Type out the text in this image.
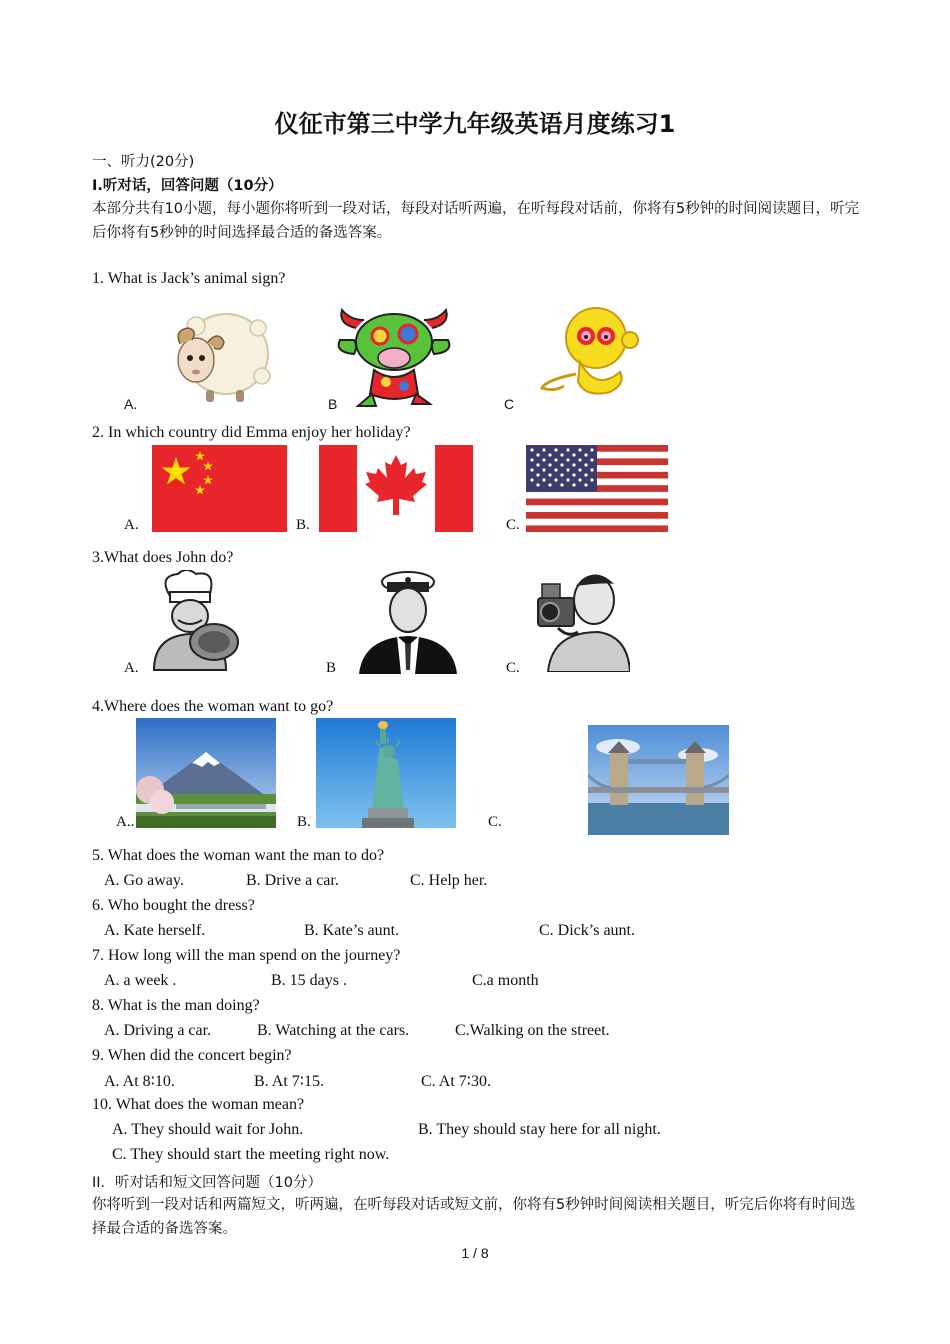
仪征市第三中学九年级英语月度练习1
一、听力(20分)
Ⅰ.听对话，回答问题（10分）
本部分共有10小题，每小题你将听到一段对话，每段对话听两遍，在听每段对话前，你将有5秒钟的时间阅读题目，听完后你将有5秒钟的时间选择最合适的备选答案。
1. What is Jack’s animal sign?
A.	B	C
2. In which country did Emma enjoy her holiday?
A.	B.	C.
3.What does John do?
A.	B	C.
4.Where does the woman want to go?
A..	B.	C.
5. What does the woman want the man to do?
A. Go away.	B. Drive a car.	C. Help her.
6. Who bought the dress?
A. Kate herself.	B. Kate’s aunt.	C. Dick’s aunt.
7. How long will the man spend on the journey?
A. a week .	B. 15 days .	C.a month
8. What is the man doing?
A. Driving a car.	B. Watching at the cars.	C.Walking on the street.
9. When did the concert begin?
A. At 8∶10.	B. At 7∶15.	C. At 7∶30.
10. What does the woman mean?
A. They should wait for John.	B. They should stay here for all night.
C. They should start the meeting right now.
II．听对话和短文回答问题（10分）
你将听到一段对话和两篇短文，听两遍，在听每段对话或短文前，你将有5秒钟时间阅读相关题目，听完后你将有时间选择最合适的备选答案。
1 / 8
